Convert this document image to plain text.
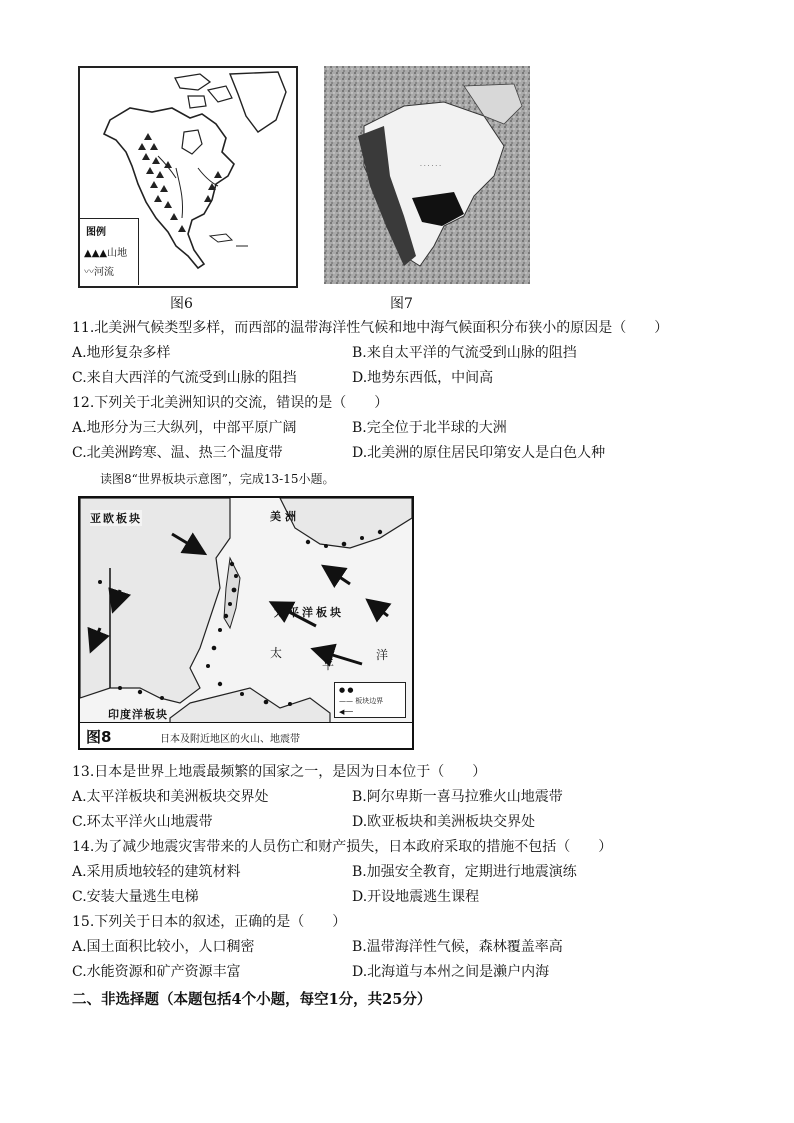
图例
▲▲▲山地
〰河流
图6
· · · · · ·
图7
11.北美洲气候类型多样，而西部的温带海洋性气候和地中海气候面积分布狭小的原因是（　　）
A.地形复杂多样	B.来自太平洋的气流受到山脉的阻挡
C.来自大西洋的气流受到山脉的阻挡	D.地势东西低，中间高
12.下列关于北美洲知识的交流，错误的是（　　）
A.地形分为三大纵列，中部平原广阔	B.完全位于北半球的大洲
C.北美洲跨寒、温、热三个温度带	D.北美洲的原住居民印第安人是白色人种
读图8“世界板块示意图”，完成13-15小题。
亚欧板块	美洲
太平洋板块
太
平
洋
印度洋板块
● ●
—— 板块边界
◀──
图8	日本及附近地区的火山、地震带
13.日本是世界上地震最频繁的国家之一，是因为日本位于（　　）
A.太平洋板块和美洲板块交界处	B.阿尔卑斯一喜马拉雅火山地震带
C.环太平洋火山地震带	D.欧亚板块和美洲板块交界处
14.为了减少地震灾害带来的人员伤亡和财产损失，日本政府采取的措施不包括（　　）
A.采用质地较轻的建筑材料	B.加强安全教育，定期进行地震演练
C.安装大量逃生电梯	D.开设地震逃生课程
15.下列关于日本的叙述，正确的是（　　）
A.国土面积比较小，人口稠密	B.温带海洋性气候，森林覆盖率高
C.水能资源和矿产资源丰富	D.北海道与本州之间是濑户内海
二、非选择题（本题包括4个小题，每空1分，共25分）
